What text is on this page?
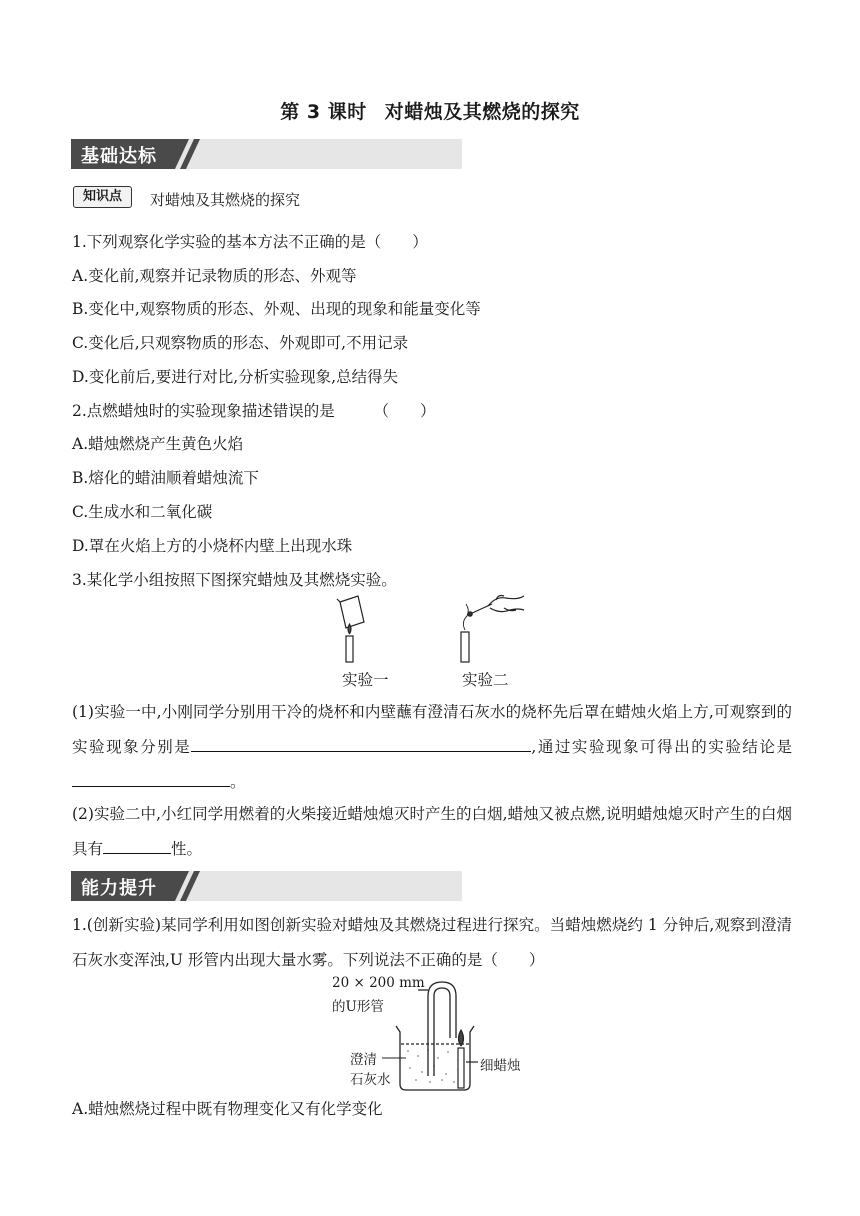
第 3 课时 对蜡烛及其燃烧的探究
基础达标
知识点	对蜡烛及其燃烧的探究
1.下列观察化学实验的基本方法不正确的是（　　）
A.变化前,观察并记录物质的形态、外观等
B.变化中,观察物质的形态、外观、出现的现象和能量变化等
C.变化后,只观察物质的形态、外观即可,不用记录
D.变化前后,要进行对比,分析实验现象,总结得失
2.点燃蜡烛时的实验现象描述错误的是　　　（　　）
A.蜡烛燃烧产生黄色火焰
B.熔化的蜡油顺着蜡烛流下
C.生成水和二氧化碳
D.罩在火焰上方的小烧杯内壁上出现水珠
3.某化学小组按照下图探究蜡烛及其燃烧实验。
实验一	实验二
(1)实验一中,小刚同学分别用干冷的烧杯和内壁蘸有澄清石灰水的烧杯先后罩在蜡烛火焰上方,可观察到的实验现象分别是	,通过实验现象可得出的实验结论是。
(2)实验二中,小红同学用燃着的火柴接近蜡烛熄灭时产生的白烟,蜡烛又被点燃,说明蜡烛熄灭时产生的白烟具有	性。
能力提升
1.(创新实验)某同学利用如图创新实验对蜡烛及其燃烧过程进行探究。当蜡烛燃烧约 1 分钟后,观察到澄清石灰水变浑浊,U 形管内出现大量水雾。下列说法不正确的是（　　）
20 × 200 mm
的U形管
澄清
石灰水
细蜡烛
A.蜡烛燃烧过程中既有物理变化又有化学变化
